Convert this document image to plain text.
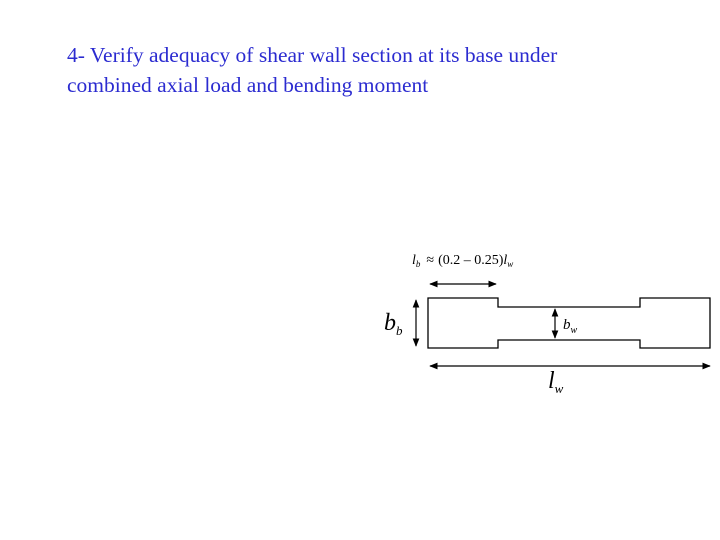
4- Verify adequacy of shear wall section at its base under
combined axial load and bending moment
$l_b \approx (0.2 - 0.25)l_w$
$b_b$	$b_w$
$l_w$
